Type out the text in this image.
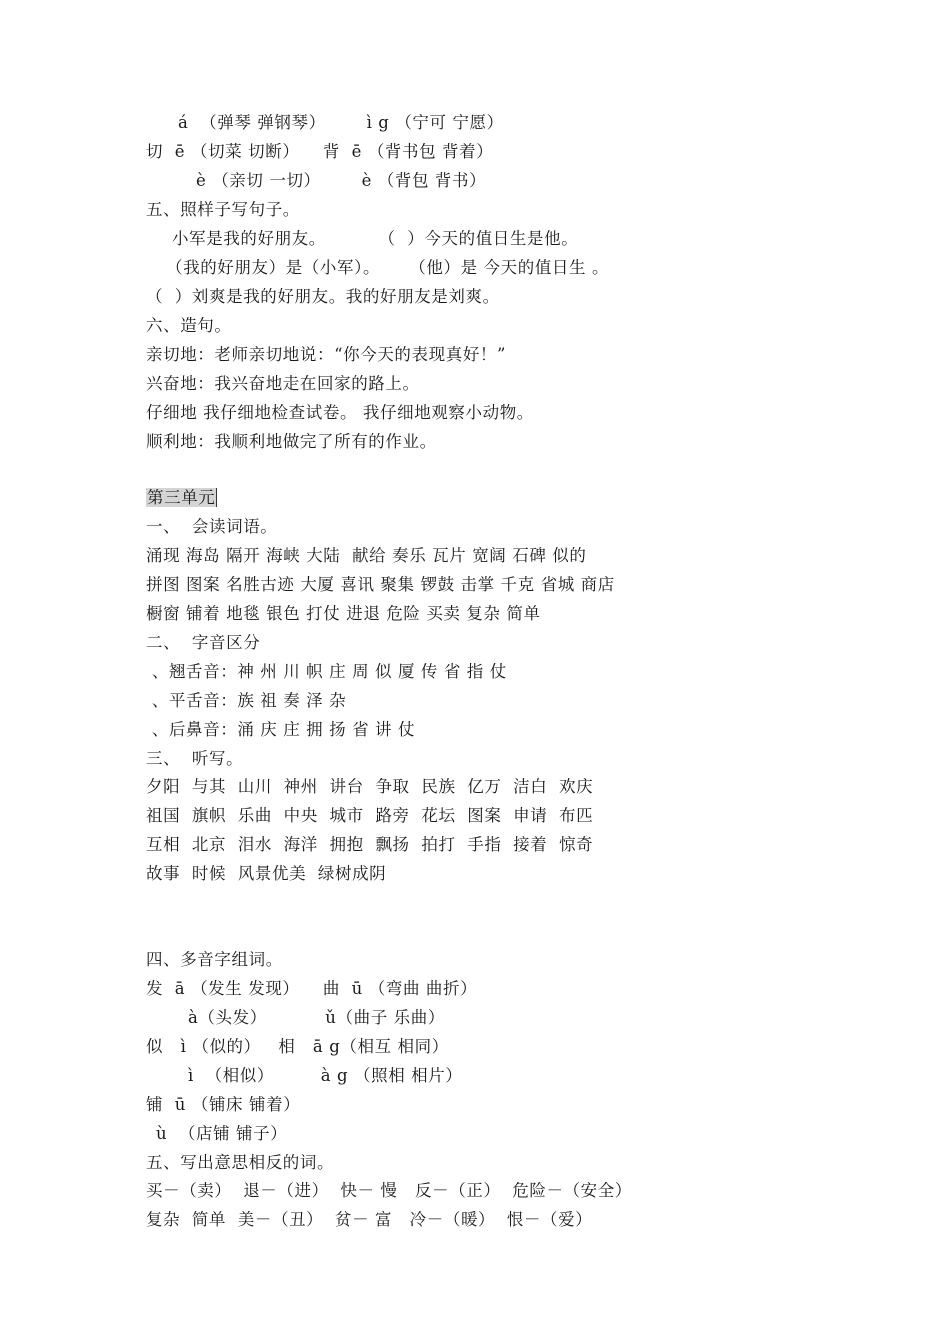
á  （弹琴 弹钢琴）       ì g （宁可 宁愿）
切  ē （切菜 切断）    背  ē （背书包 背着）
è （亲切 一切）       è （背包 背书）
五、照样子写句子。
小军是我的好朋友。         （  ）今天的值日生是他。
（我的好朋友）是（小军）。     （他）是 今天的值日生 。
（  ）刘爽是我的好朋友。我的好朋友是刘爽。
六、造句。
亲切地：老师亲切地说：“你今天的表现真好！”
兴奋地：我兴奋地走在回家的路上。
仔细地 我仔细地检查试卷。 我仔细地观察小动物。
顺利地：我顺利地做完了所有的作业。
第三单元
一、  会读词语。
涌现 海岛 隔开 海峡 大陆  献给 奏乐 瓦片 宽阔 石碑 似的
拼图 图案 名胜古迹 大厦 喜讯 聚集 锣鼓 击掌 千克 省城 商店
橱窗 铺着 地毯 银色 打仗 进退 危险 买卖 复杂 简单
二、  字音区分
、翘舌音：神 州 川 帜 庄 周 似 厦 传 省 指 仗
、平舌音：族 祖 奏 泽 杂
、后鼻音：涌 庆 庄 拥 扬 省 讲 仗
三、  听写。
夕阳  与其  山川  神州  讲台  争取  民族  亿万  洁白  欢庆
祖国  旗帜  乐曲  中央  城市  路旁  花坛  图案  申请  布匹
互相  北京  泪水  海洋  拥抱  飘扬  拍打  手指  接着  惊奇
故事  时候  风景优美  绿树成阴
四、多音字组词。
发  ā （发生 发现）    曲  ū （弯曲 曲折）
à（头发）          ǔ（曲子 乐曲）
似   ì （似的）   相   ā g（相互 相同）
ì  （相似）        à g （照相 相片）
铺  ū （铺床 铺着）
ù  （店铺 铺子）
五、写出意思相反的词。
买－（卖）  退－（进）  快－ 慢   反－（正）  危险－（安全）
复杂  简单  美－（丑）  贫－ 富   冷－（暖）  恨－（爱）
